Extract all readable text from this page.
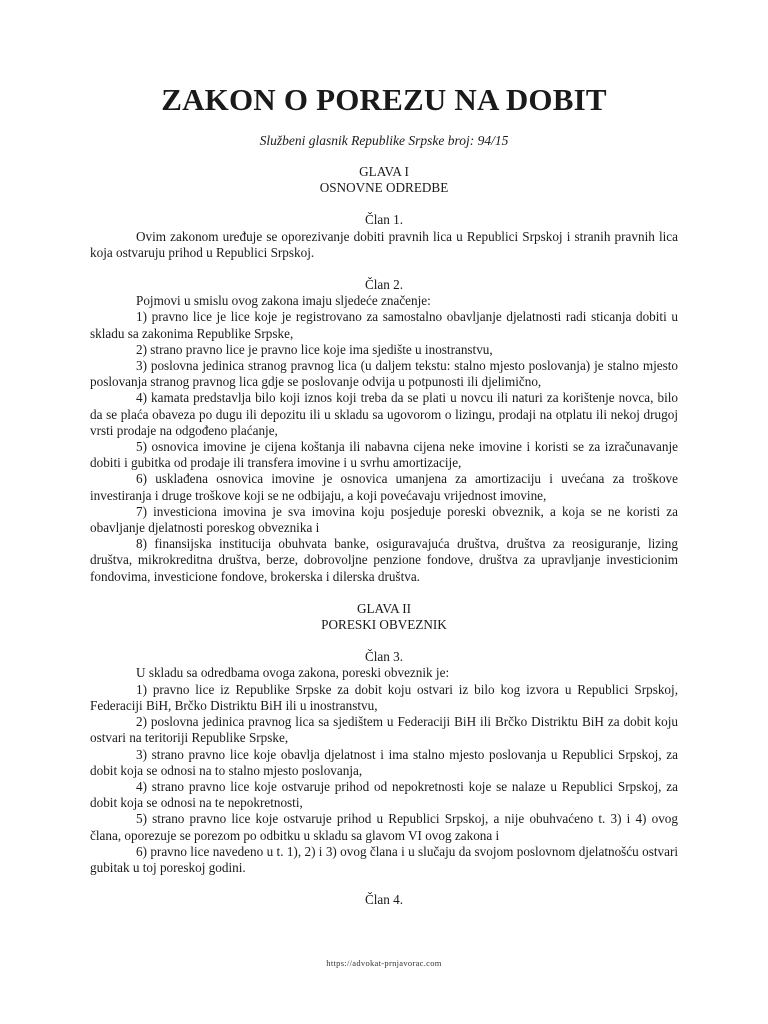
ZAKON O POREZU NA DOBIT
Službeni glasnik Republike Srpske broj: 94/15
GLAVA I
OSNOVNE ODREDBE
Član 1.

Ovim zakonom uređuje se oporezivanje dobiti pravnih lica u Republici Srpskoj i stranih pravnih lica koja ostvaruju prihod u Republici Srpskoj.

Član 2.

Pojmovi u smislu ovog zakona imaju sljedeće značenje:

1) pravno lice je lice koje je registrovano za samostalno obavljanje djelatnosti radi sticanja dobiti u skladu sa zakonima Republike Srpske,

2) strano pravno lice je pravno lice koje ima sjedište u inostranstvu,

3) poslovna jedinica stranog pravnog lica (u daljem tekstu: stalno mjesto poslovanja) je stalno mjesto poslovanja stranog pravnog lica gdje se poslovanje odvija u potpunosti ili djelimično,

4) kamata predstavlja bilo koji iznos koji treba da se plati u novcu ili naturi za korištenje novca, bilo da se plaća obaveza po dugu ili depozitu ili u skladu sa ugovorom o lizingu, prodaji na otplatu ili nekoj drugoj vrsti prodaje na odgođeno plaćanje,

5) osnovica imovine je cijena koštanja ili nabavna cijena neke imovine i koristi se za izračunavanje dobiti i gubitka od prodaje ili transfera imovine i u svrhu amortizacije,

6) usklađena osnovica imovine je osnovica umanjena za amortizaciju i uvećana za troškove investiranja i druge troškove koji se ne odbijaju, a koji povećavaju vrijednost imovine,

7) investiciona imovina je sva imovina koju posjeduje poreski obveznik, a koja se ne koristi za obavljanje djelatnosti poreskog obveznika i

8) finansijska institucija obuhvata banke, osiguravajuća društva, društva za reosiguranje, lizing društva, mikrokreditna društva, berze, dobrovoljne penzione fondove, društva za upravljanje investicionim fondovima, investicione fondove, brokerska i dilerska društva.

GLAVA II
PORESKI OBVEZNIK
Član 3.

U skladu sa odredbama ovoga zakona, poreski obveznik je:

1) pravno lice iz Republike Srpske za dobit koju ostvari iz bilo kog izvora u Republici Srpskoj, Federaciji BiH, Brčko Distriktu BiH ili u inostranstvu,

2) poslovna jedinica pravnog lica sa sjedištem u Federaciji BiH ili Brčko Distriktu BiH za dobit koju ostvari na teritoriji Republike Srpske,

3) strano pravno lice koje obavlja djelatnost i ima stalno mjesto poslovanja u Republici Srpskoj, za dobit koja se odnosi na to stalno mjesto poslovanja,

4) strano pravno lice koje ostvaruje prihod od nepokretnosti koje se nalaze u Republici Srpskoj, za dobit koja se odnosi na te nepokretnosti,

5) strano pravno lice koje ostvaruje prihod u Republici Srpskoj, a nije obuhvaćeno t. 3) i 4) ovog člana, oporezuje se porezom po odbitku u skladu sa glavom VI ovog zakona i

6) pravno lice navedeno u t. 1), 2) i 3) ovog člana i u slučaju da svojom poslovnom djelatnošću ostvari gubitak u toj poreskoj godini.

Član 4.
https://advokat-prnjavorac.com
